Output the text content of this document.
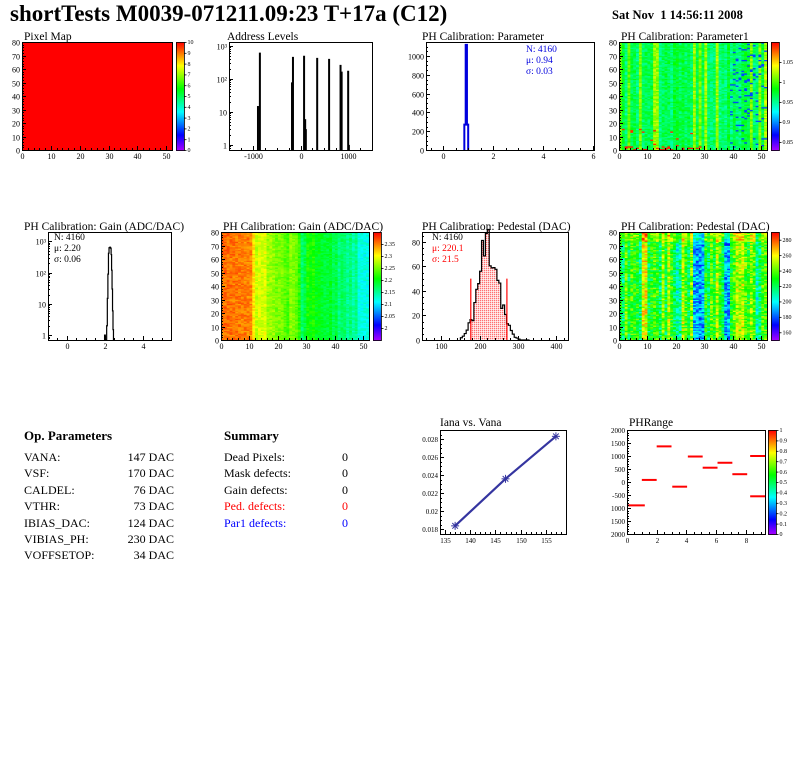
shortTests M0039-071211.09:23 T+17a (C12)	Sat Nov  1 14:56:11 2008
Pixel Map	Address Levels	PH Calibration: Parameter	PH Calibration: Parameter1
PH Calibration: Gain (ADC/DAC)	PH Calibration: Gain (ADC/DAC)	PH Calibration: Pedestal (DAC)	PH Calibration: Pedestal (DAC)
Op. Parameters
VANA:	147 DAC
VSF:	170 DAC
CALDEL:	76 DAC
VTHR:	73 DAC
IBIAS_DAC:	124 DAC
VIBIAS_PH:	230 DAC
VOFFSETOP:	34 DAC
Summary
Dead Pixels:	0
Mask defects:	0
Gain defects:	0
Ped. defects:	0
Par1 defects:	0
Iana vs. Vana	PHRange
